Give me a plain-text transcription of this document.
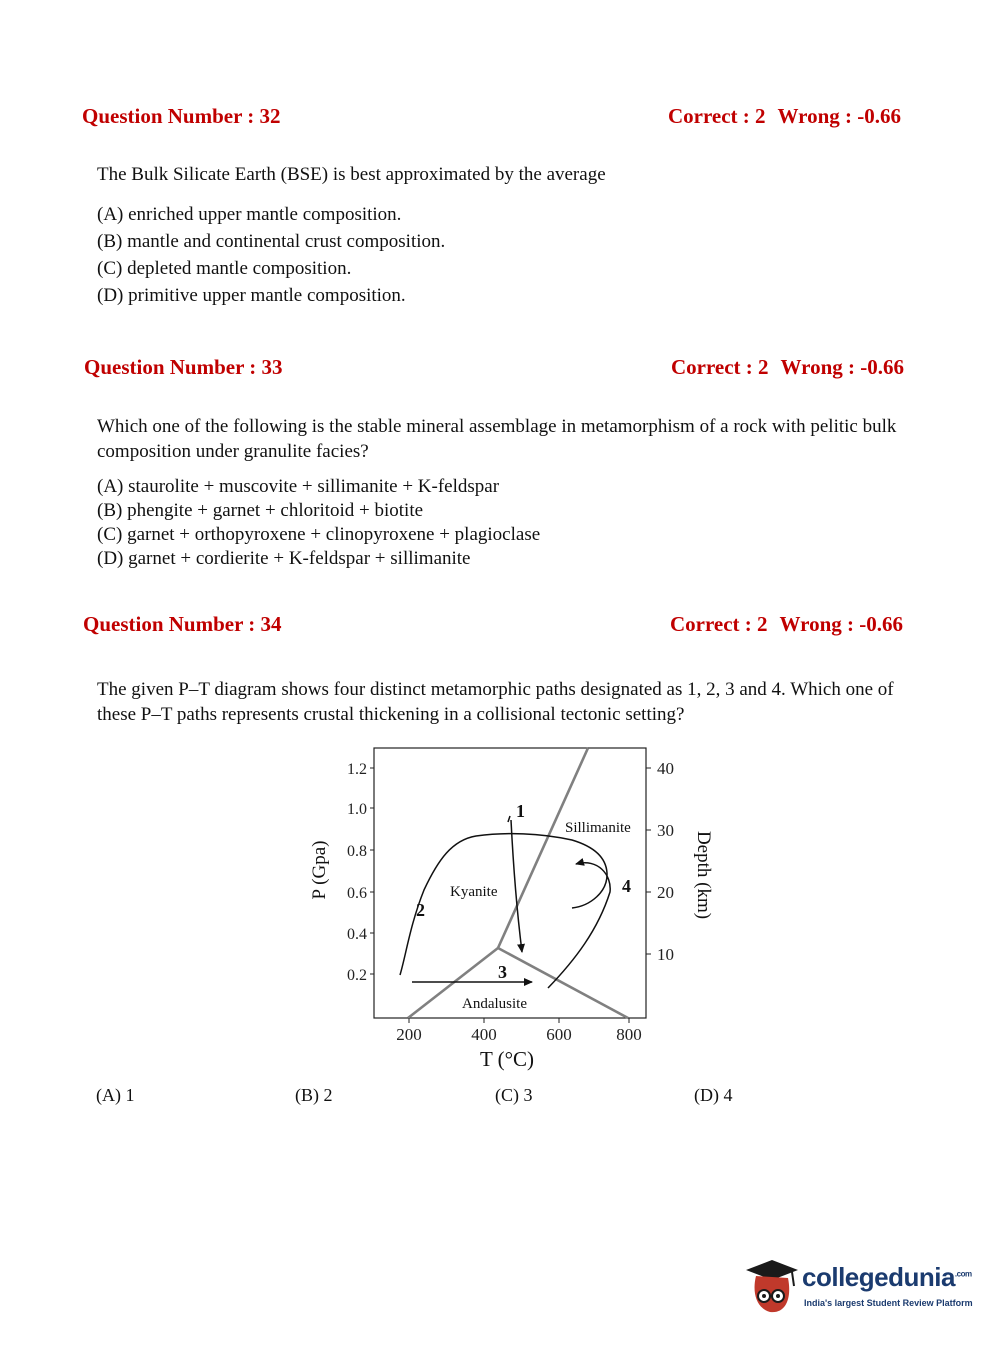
Question Number : 32	Correct : 2 Wrong : -0.66
The Bulk Silicate Earth (BSE) is best approximated by the average
(A) enriched upper mantle composition.
(B) mantle and continental crust composition.
(C) depleted mantle composition.
(D) primitive upper mantle composition.
Question Number : 33	Correct : 2 Wrong : -0.66
Which one of the following is the stable mineral assemblage in metamorphism of a rock with pelitic bulk composition under granulite facies?
(A) staurolite + muscovite + sillimanite + K-feldspar
(B) phengite + garnet + chloritoid + biotite
(C) garnet + orthopyroxene + clinopyroxene + plagioclase
(D) garnet + cordierite + K-feldspar + sillimanite
Question Number : 34	Correct : 2 Wrong : -0.66
The given P–T diagram shows four distinct metamorphic paths designated as 1, 2, 3 and 4. Which one of these P–T paths represents crustal thickening in a collisional tectonic setting?
Kyanite
Sillimanite
Andalusite
1
2
3
4
1.2
1.0
0.8
0.6
0.4
0.2
P (Gpa)
40
30
20
10
Depth (km)
200	400	600	800
T (°C)
(A) 1	(B) 2	(C) 3	(D) 4
collegedunia$^{.com}$
India's largest Student Review Platform
